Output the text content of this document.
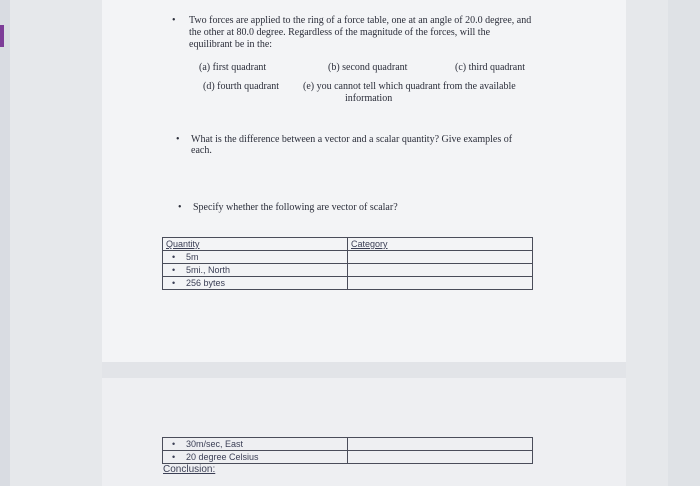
• Two forces are applied to the ring of a force table, one at an angle of 20.0 degree, and
the other at 80.0 degree. Regardless of the magnitude of the forces, will the
equilibrant be in the:
(a) first quadrant	(b) second quadrant	(c) third quadrant
(d) fourth quadrant (e) you cannot tell which quadrant from the available
information
• What is the difference between a vector and a scalar quantity? Give examples of
each.
• Specify whether the following are vector of scalar?
Quantity	Category
• 5m	
• 5mi., North	
• 256 bytes	
• 30m/sec, East	
• 20 degree Celsius	
Conclusion:
